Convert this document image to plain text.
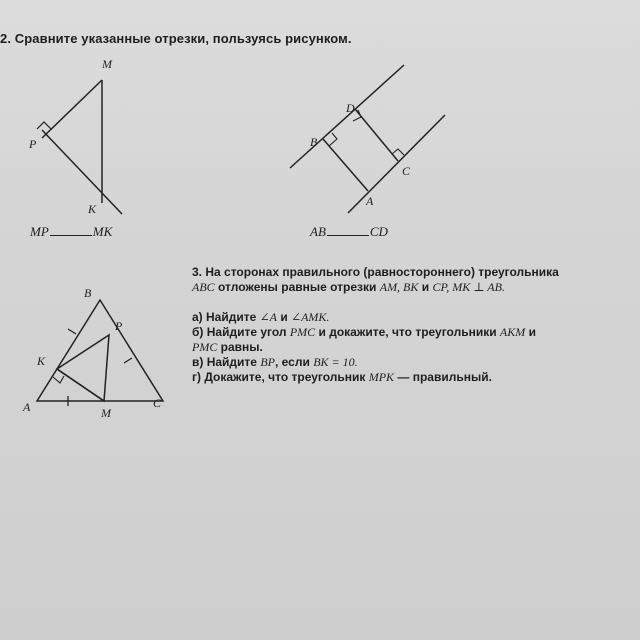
2. Сравните указанные отрезки, пользуясь рисунком.
M
P
K
MP	MK
D
B
C
A
AB	CD
B
P
K
A	M
C
3. На сторонах правильного (равностороннего) треугольника
ABC отложены равные отрезки AM, BK и CP, MK ⊥ AB.
а) Найдите ∠A и ∠AMK.
б) Найдите угол PMC и докажите, что треугольники AKM и
PMC равны.
в) Найдите BP, если BK = 10.
г) Докажите, что треугольник MPK — правильный.
